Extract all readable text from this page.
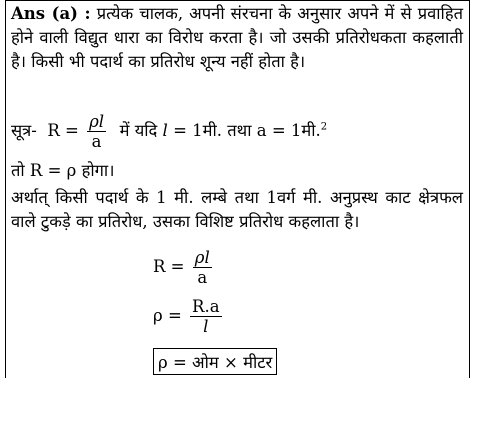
Ans (a) : प्रत्येक चालक, अपनी संरचना के अनुसार अपने में से प्रवाहित होने वाली विद्युत धारा का विरोध करता है। जो उसकी प्रतिरोधकता कहलाती है। किसी भी पदार्थ का प्रतिरोध शून्य नहीं होता है।
सूत्र- $R = \frac{\rho l}{a}$ में यदि l = 1मी. तथा a = 1मी.$^2$
तो R = ρ होगा।
अर्थात् किसी पदार्थ के 1 मी. लम्बे तथा 1वर्ग मी. अनुप्रस्थ काट क्षेत्रफल वाले टुकड़े का प्रतिरोध, उसका विशिष्ट प्रतिरोध कहलाता है।
$R = \frac{\rho l}{a}$
$\rho = \frac{R.a}{l}$
ρ = ओम × मीटर
